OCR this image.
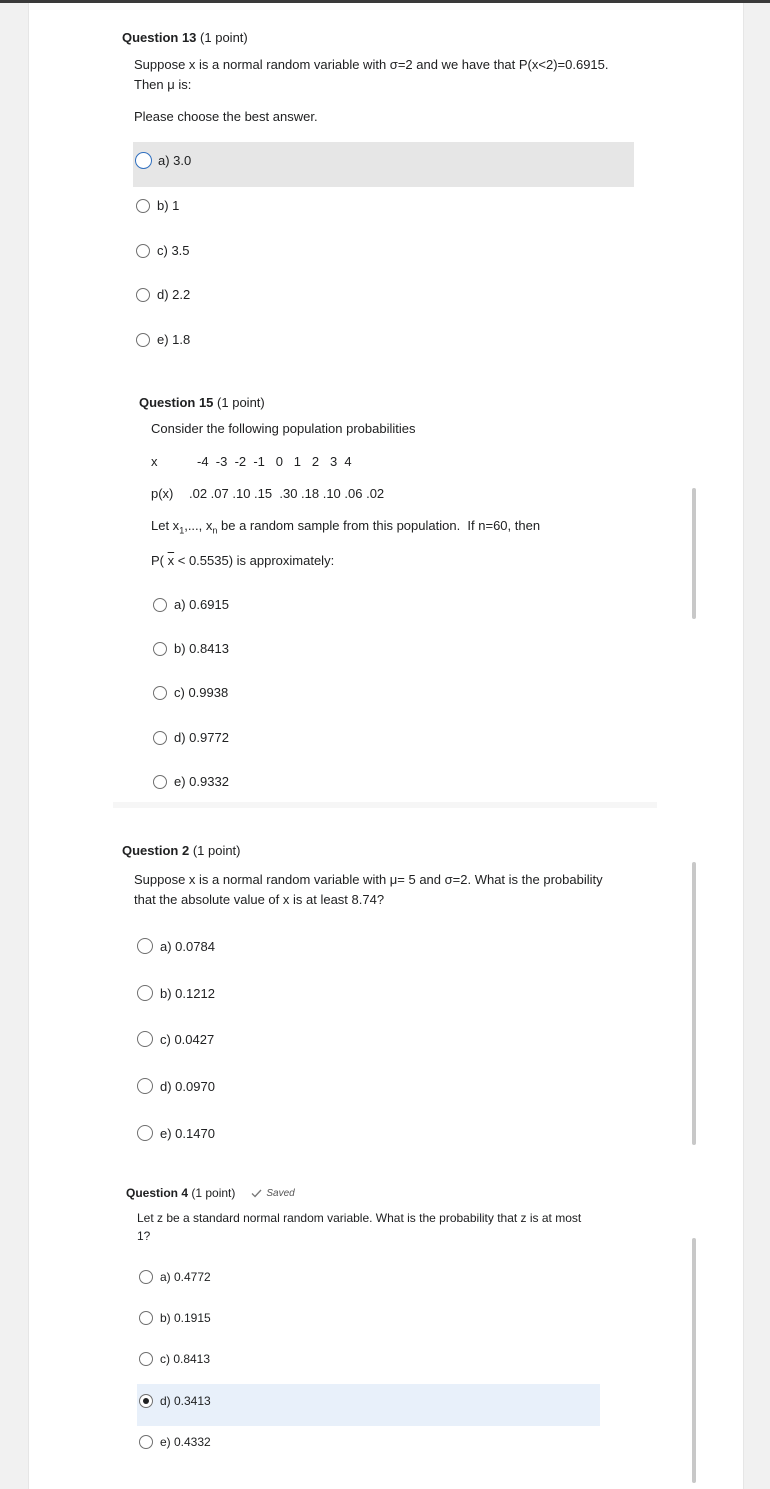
Question 13 (1 point)
Suppose x is a normal random variable with σ=2 and we have that P(x<2)=0.6915.
Then μ is:
Please choose the best answer.
a) 3.0
b) 1
c) 3.5
d) 2.2
e) 1.8
Question 15 (1 point)
Consider the following population probabilities
x	-4  -3  -2  -1   0   1   2   3  4
p(x) .02 .07 .10 .15  .30 .18 .10 .06 .02
Let $x_1$,..., $x_n$ be a random sample from this population.  If n=60, then
P( $\overline{x} < 0.5535$) is approximately:
a) 0.6915
b) 0.8413
c) 0.9938
d) 0.9772
e) 0.9332
Question 2 (1 point)
Suppose x is a normal random variable with μ= 5 and σ=2. What is the probability
that the absolute value of x is at least 8.74?
a) 0.0784
b) 0.1212
c) 0.0427
d) 0.0970
e) 0.1470
Question 4
(1 point)	Saved
Let z be a standard normal random variable. What is the probability that z is at most
1?
a) 0.4772
b) 0.1915
c) 0.8413
d) 0.3413
e) 0.4332
